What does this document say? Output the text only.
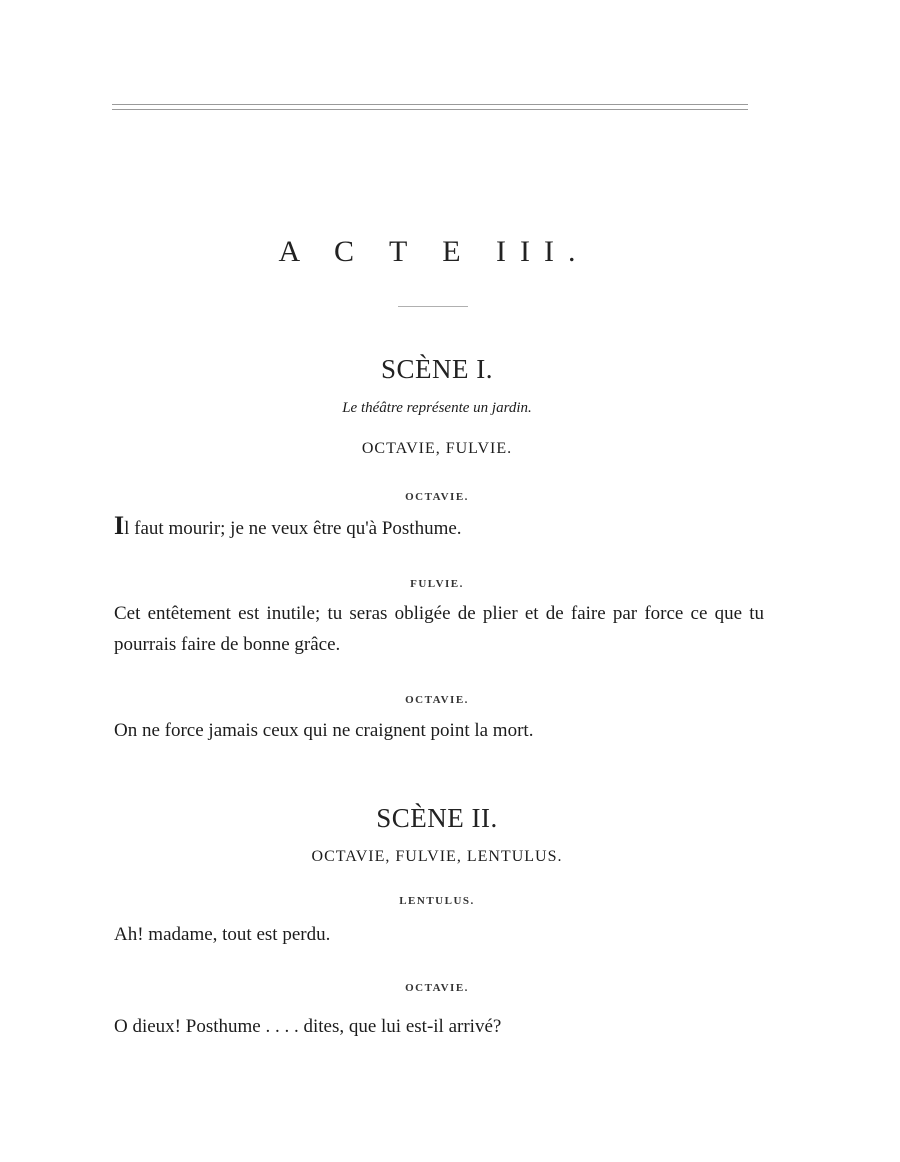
A C T E III.
SCÈNE I.
Le théâtre représente un jardin.
OCTAVIE, FULVIE.
OCTAVIE.
Il faut mourir; je ne veux être qu'à Posthume.
FULVIE.
Cet entêtement est inutile; tu seras obligée de plier et de faire par force ce que tu pourrais faire de bonne grâce.
OCTAVIE.
On ne force jamais ceux qui ne craignent point la mort.
SCÈNE II.
OCTAVIE, FULVIE, LENTULUS.
LENTULUS.
Ah! madame, tout est perdu.
OCTAVIE.
O dieux! Posthume . . . . dites, que lui est-il arrivé?
